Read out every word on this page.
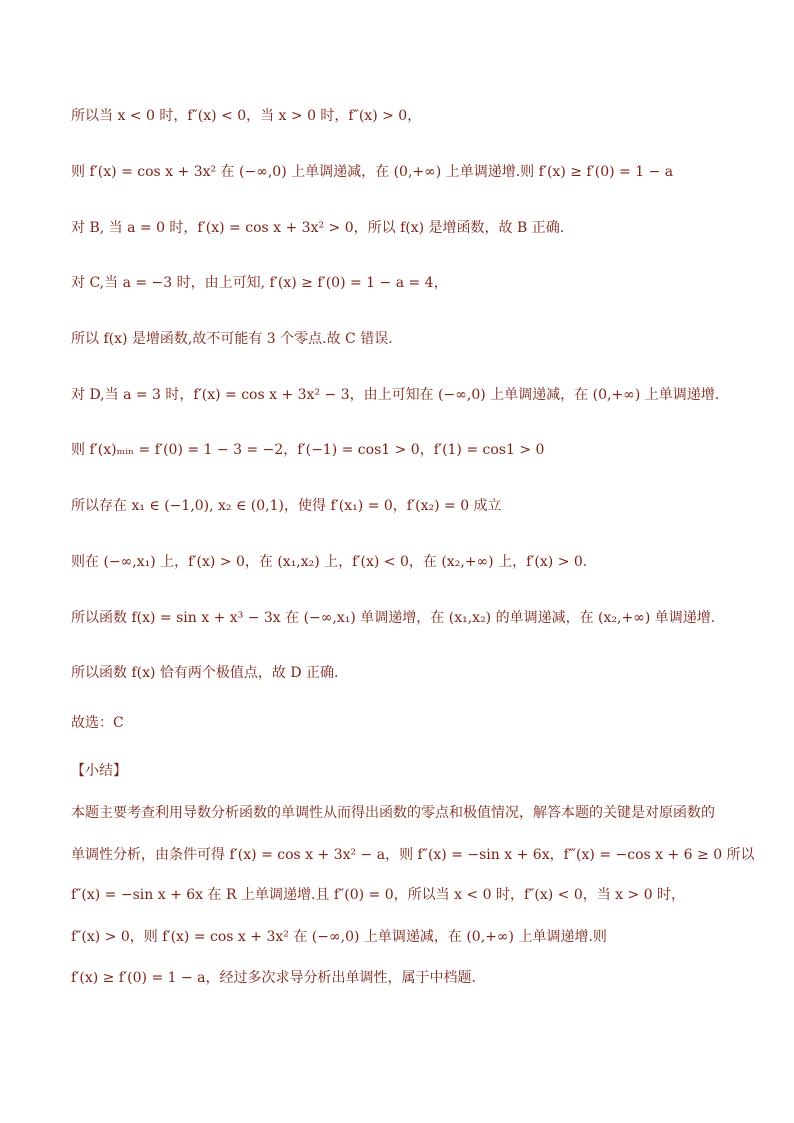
所以当 x < 0 时，f″(x) < 0，当 x > 0 时，f″(x) > 0，
则 f′(x) = cos x + 3x² 在 (−∞,0) 上单调递减，在 (0,+∞) 上单调递增.则 f′(x) ≥ f′(0) = 1 − a
对 B, 当 a = 0 时，f′(x) = cos x + 3x² > 0，所以 f(x) 是增函数，故 B 正确.
对 C,当 a = −3 时，由上可知, f′(x) ≥ f′(0) = 1 − a = 4，
所以 f(x) 是增函数,故不可能有 3 个零点.故 C 错误.
对 D,当 a = 3 时，f′(x) = cos x + 3x² − 3，由上可知在 (−∞,0) 上单调递减，在 (0,+∞) 上单调递增.
则 f′(x)ₘᵢₙ = f′(0) = 1 − 3 = −2，f′(−1) = cos1 > 0，f′(1) = cos1 > 0
所以存在 x₁ ∈ (−1,0), x₂ ∈ (0,1)，使得 f′(x₁) = 0，f′(x₂) = 0 成立
则在 (−∞,x₁) 上，f′(x) > 0，在 (x₁,x₂) 上，f′(x) < 0，在 (x₂,+∞) 上，f′(x) > 0.
所以函数 f(x) = sin x + x³ − 3x 在 (−∞,x₁) 单调递增，在 (x₁,x₂) 的单调递减，在 (x₂,+∞) 单调递增.
所以函数 f(x) 恰有两个极值点，故 D 正确.
故选：C
【小结】
本题主要考查利用导数分析函数的单调性从而得出函数的零点和极值情况，解答本题的关键是对原函数的
单调性分析，由条件可得 f′(x) = cos x + 3x² − a，则 f″(x) = −sin x + 6x，f‴(x) = −cos x + 6 ≥ 0 所以
f″(x) = −sin x + 6x 在 R 上单调递增.且 f″(0) = 0，所以当 x < 0 时，f″(x) < 0，当 x > 0 时，
f″(x) > 0，则 f′(x) = cos x + 3x² 在 (−∞,0) 上单调递减，在 (0,+∞) 上单调递增.则
f′(x) ≥ f′(0) = 1 − a，经过多次求导分析出单调性，属于中档题.
